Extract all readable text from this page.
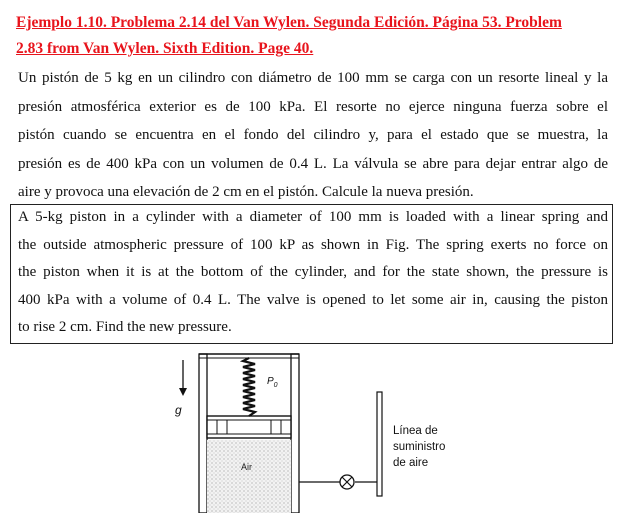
Ejemplo 1.10. Problema 2.14 del Van Wylen. Segunda Edición. Página 53. Problem
2.83 from Van Wylen. Sixth Edition. Page 40.
Un pistón de 5 kg en un cilindro con diámetro de 100 mm se carga con un resorte lineal y la
presión atmosférica exterior es de 100 kPa. El resorte no ejerce ninguna fuerza sobre el
pistón cuando se encuentra en el fondo del cilindro y, para el estado que se muestra, la
presión es de 400 kPa con un volumen de 0.4 L. La válvula se abre para dejar entrar algo de
aire y provoca una elevación de 2 cm en el pistón. Calcule la nueva presión.
A 5-kg piston in a cylinder with a diameter of 100 mm is loaded with a linear spring and
the outside atmospheric pressure of 100 kP as shown in Fig. The spring exerts no force on
the piston when it is at the bottom of the cylinder, and for the state shown, the pressure is
400 kPa with a volume of 0.4 L. The valve is opened to let some air in, causing the piston
to rise 2 cm. Find the new pressure.
g
Air
$P_0$
Línea de
suministro
de aire
